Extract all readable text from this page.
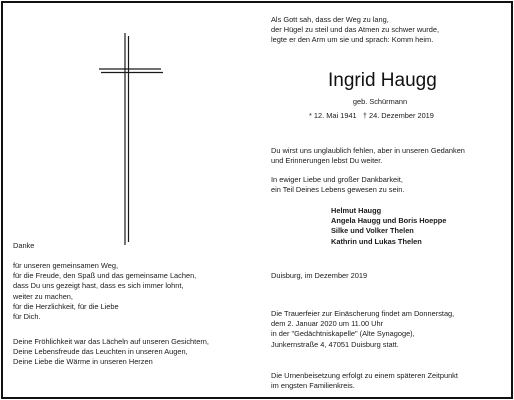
Als Gott sah, dass der Weg zu lang,
der Hügel zu steil und das Atmen zu schwer wurde,
legte er den Arm um sie und sprach: Komm heim.
Ingrid Haugg
geb. Schürmann
* 12. Mai 1941   † 24. Dezember 2019
Du wirst uns unglaublich fehlen, aber in unseren Gedanken
und Erinnerungen lebst Du weiter.
In ewiger Liebe und großer Dankbarkeit,
ein Teil Deines Lebens gewesen zu sein.
Helmut Haugg
Angela Haugg und Boris Hoeppe
Silke und Volker Thelen
Kathrin und Lukas Thelen
Duisburg, im Dezember 2019
Die Trauerfeier zur Einäscherung findet am Donnerstag,
dem 2. Januar 2020 um 11.00 Uhr
in der "Gedächtniskapelle" (Alte Synagoge),
Junkernstraße 4, 47051 Duisburg statt.
Die Urnenbeisetzung erfolgt zu einem späteren Zeitpunkt
im engsten Familienkreis.
Danke
für unseren gemeinsamen Weg,
für die Freude, den Spaß und das gemeinsame Lachen,
dass Du uns gezeigt hast, dass es sich immer lohnt,
weiter zu machen,
für die Herzlichkeit, für die Liebe
für Dich.
Deine Fröhlichkeit war das Lächeln auf unseren Gesichtern,
Deine Lebensfreude das Leuchten in unseren Augen,
Deine Liebe die Wärme in unseren Herzen
